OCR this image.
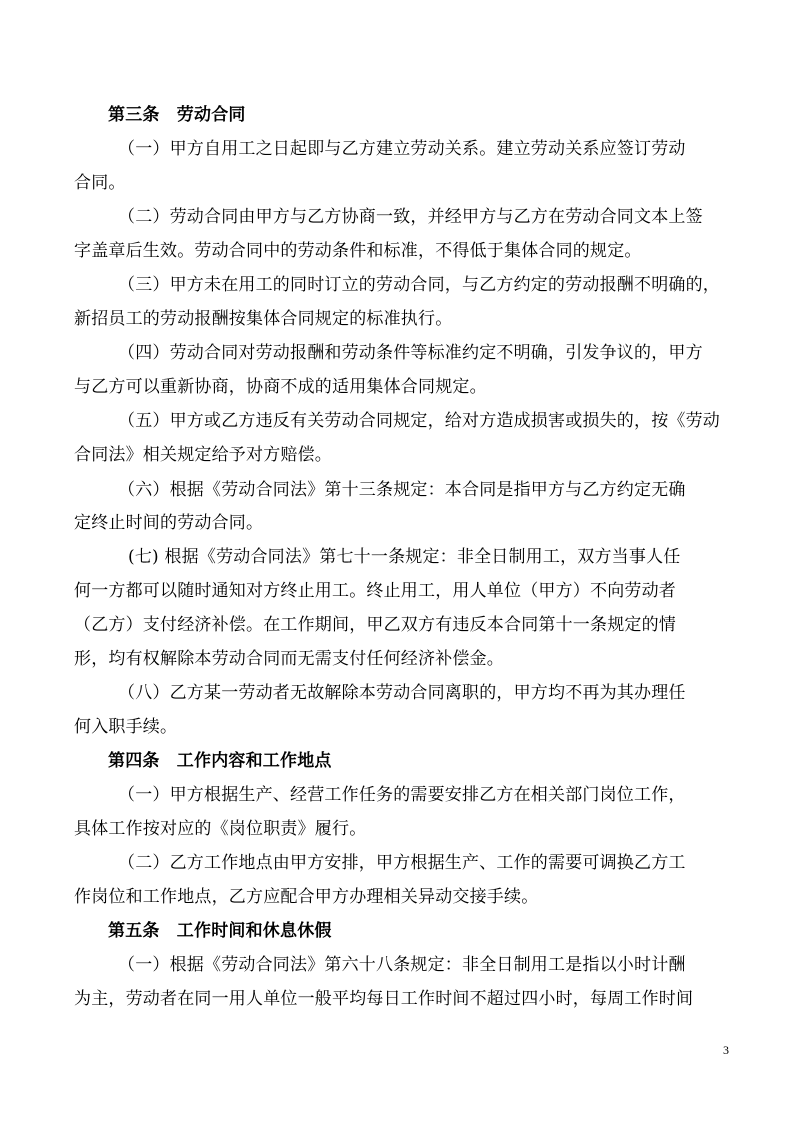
第三条　劳动合同
（一）甲方自用工之日起即与乙方建立劳动关系。建立劳动关系应签订劳动
合同。
（二）劳动合同由甲方与乙方协商一致，并经甲方与乙方在劳动合同文本上签
字盖章后生效。劳动合同中的劳动条件和标准，不得低于集体合同的规定。
（三）甲方未在用工的同时订立的劳动合同，与乙方约定的劳动报酬不明确的，
新招员工的劳动报酬按集体合同规定的标准执行。
（四）劳动合同对劳动报酬和劳动条件等标准约定不明确，引发争议的，甲方
与乙方可以重新协商，协商不成的适用集体合同规定。
（五）甲方或乙方违反有关劳动合同规定，给对方造成损害或损失的，按《劳动
合同法》相关规定给予对方赔偿。
（六）根据《劳动合同法》第十三条规定：本合同是指甲方与乙方约定无确
定终止时间的劳动合同。
(七) 根据《劳动合同法》第七十一条规定：非全日制用工，双方当事人任
何一方都可以随时通知对方终止用工。终止用工，用人单位（甲方）不向劳动者
（乙方）支付经济补偿。在工作期间，甲乙双方有违反本合同第十一条规定的情
形，均有权解除本劳动合同而无需支付任何经济补偿金。
（八）乙方某一劳动者无故解除本劳动合同离职的，甲方均不再为其办理任
何入职手续。
第四条　工作内容和工作地点
（一）甲方根据生产、经营工作任务的需要安排乙方在相关部门岗位工作，
具体工作按对应的《岗位职责》履行。
（二）乙方工作地点由甲方安排，甲方根据生产、工作的需要可调换乙方工
作岗位和工作地点，乙方应配合甲方办理相关异动交接手续。
第五条　工作时间和休息休假
（一）根据《劳动合同法》第六十八条规定：非全日制用工是指以小时计酬
为主，劳动者在同一用人单位一般平均每日工作时间不超过四小时，每周工作时间
3
